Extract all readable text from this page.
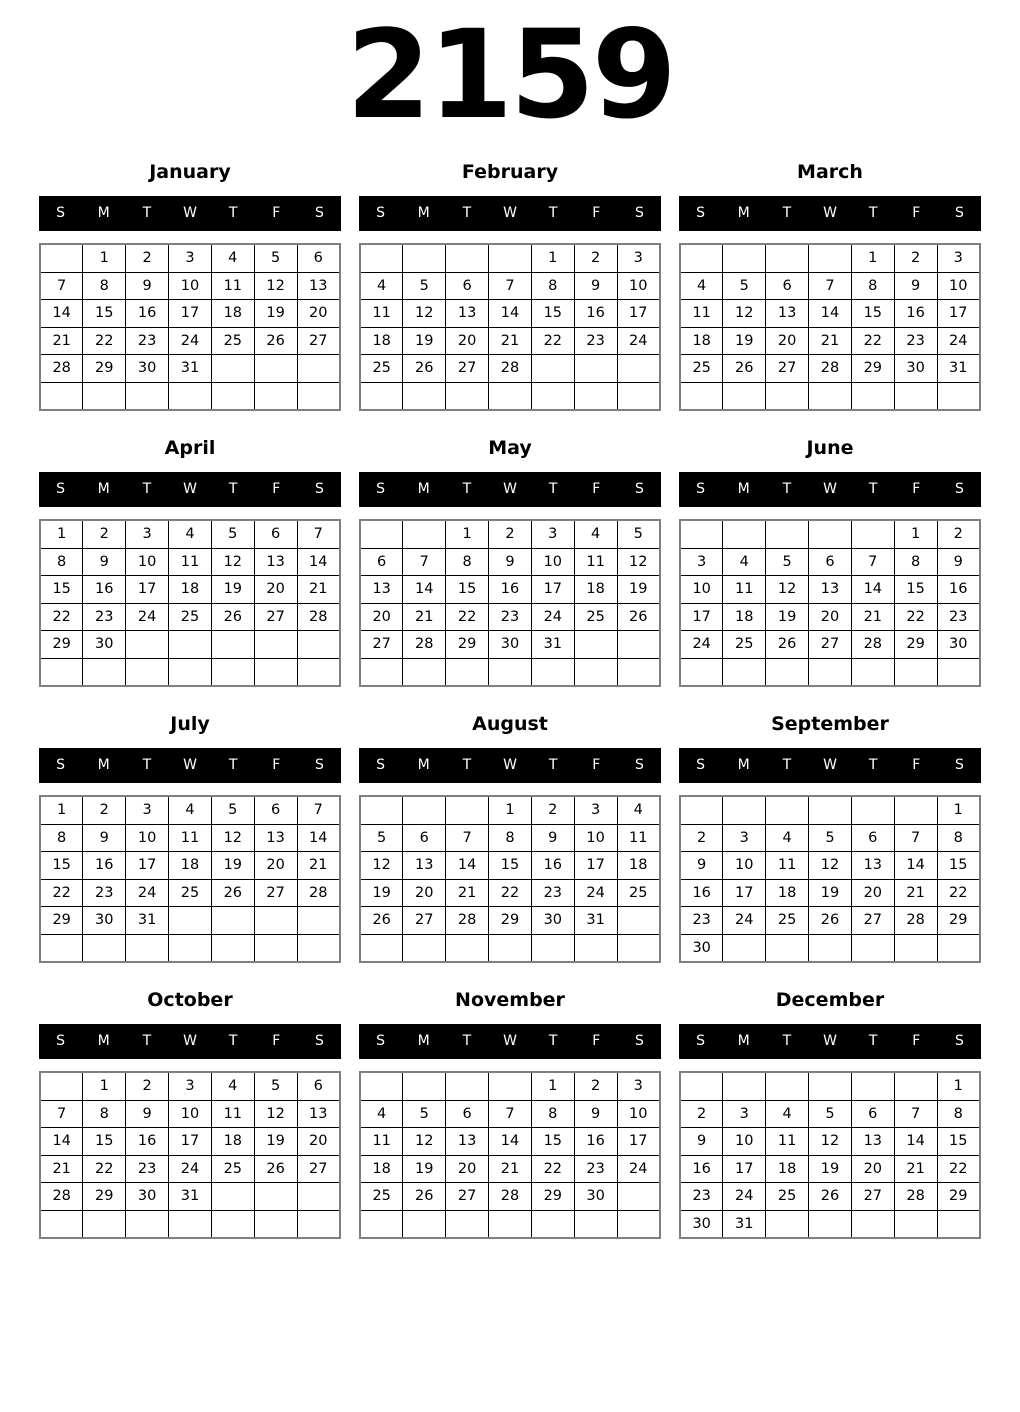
2159
January
S	M	T	W	T	F	S
	1	2	3	4	5	6
7	8	9	10	11	12	13
14	15	16	17	18	19	20
21	22	23	24	25	26	27
28	29	30	31			

February
S	M	T	W	T	F	S
				1	2	3
4	5	6	7	8	9	10
11	12	13	14	15	16	17
18	19	20	21	22	23	24
25	26	27	28			

March
S	M	T	W	T	F	S
				1	2	3
4	5	6	7	8	9	10
11	12	13	14	15	16	17
18	19	20	21	22	23	24
25	26	27	28	29	30	31

April
S	M	T	W	T	F	S
1	2	3	4	5	6	7
8	9	10	11	12	13	14
15	16	17	18	19	20	21
22	23	24	25	26	27	28
29	30					

May
S	M	T	W	T	F	S
		1	2	3	4	5
6	7	8	9	10	11	12
13	14	15	16	17	18	19
20	21	22	23	24	25	26
27	28	29	30	31		

June
S	M	T	W	T	F	S
					1	2
3	4	5	6	7	8	9
10	11	12	13	14	15	16
17	18	19	20	21	22	23
24	25	26	27	28	29	30

July
S	M	T	W	T	F	S
1	2	3	4	5	6	7
8	9	10	11	12	13	14
15	16	17	18	19	20	21
22	23	24	25	26	27	28
29	30	31				

August
S	M	T	W	T	F	S
			1	2	3	4
5	6	7	8	9	10	11
12	13	14	15	16	17	18
19	20	21	22	23	24	25
26	27	28	29	30	31	

September
S	M	T	W	T	F	S
						1
2	3	4	5	6	7	8
9	10	11	12	13	14	15
16	17	18	19	20	21	22
23	24	25	26	27	28	29
30						
October
S	M	T	W	T	F	S
	1	2	3	4	5	6
7	8	9	10	11	12	13
14	15	16	17	18	19	20
21	22	23	24	25	26	27
28	29	30	31			

November
S	M	T	W	T	F	S
				1	2	3
4	5	6	7	8	9	10
11	12	13	14	15	16	17
18	19	20	21	22	23	24
25	26	27	28	29	30	

December
S	M	T	W	T	F	S
						1
2	3	4	5	6	7	8
9	10	11	12	13	14	15
16	17	18	19	20	21	22
23	24	25	26	27	28	29
30	31					
